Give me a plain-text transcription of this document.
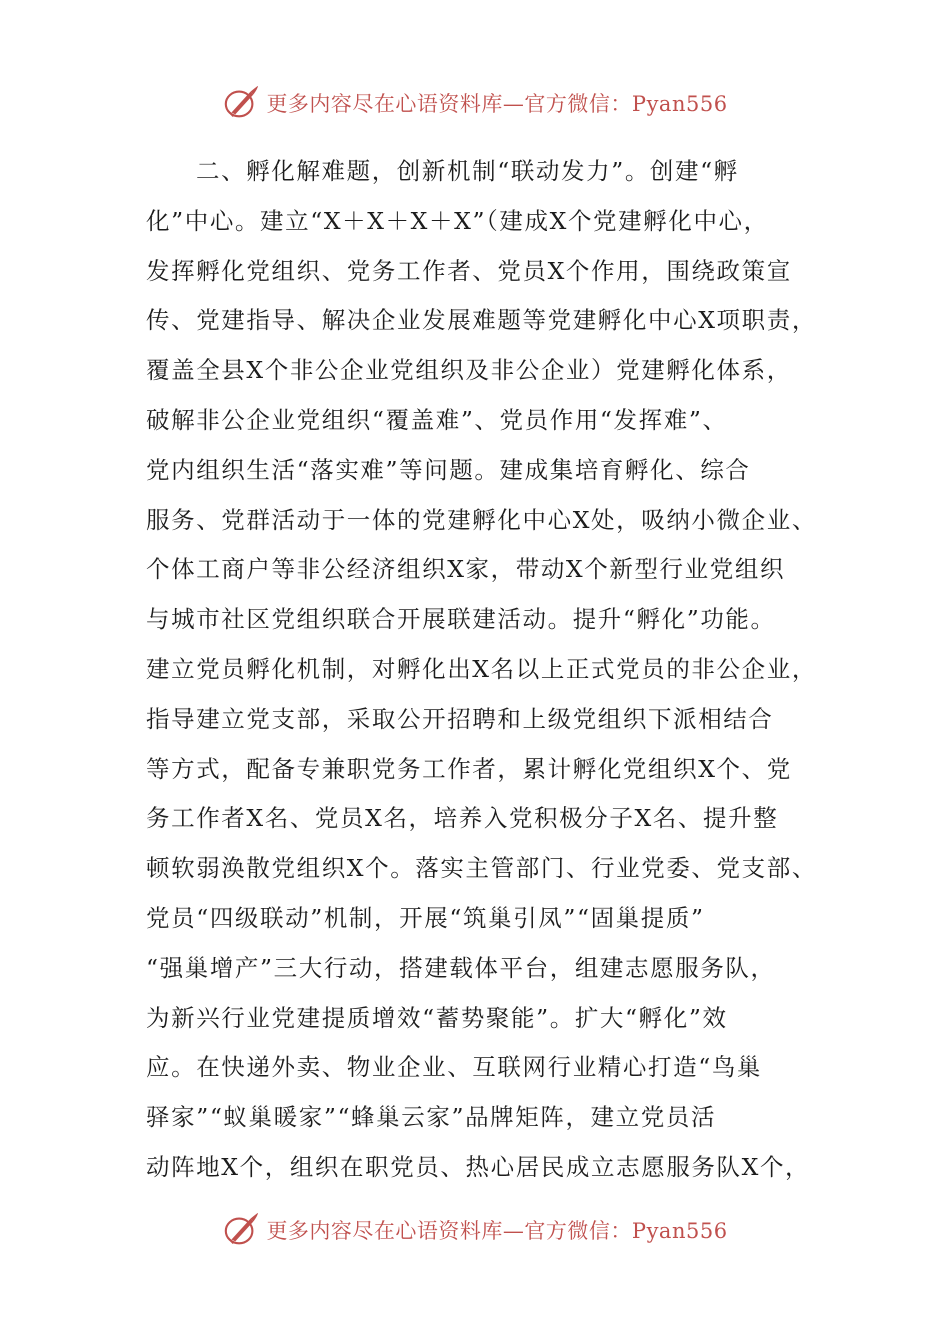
更多内容尽在心语资料库—官方微信：Pyan556
二、孵化解难题，创新机制“联动发力”。创建“孵
化”中心。建立“X＋X＋X＋X”（建成X个党建孵化中心，
发挥孵化党组织、党务工作者、党员X个作用，围绕政策宣
传、党建指导、解决企业发展难题等党建孵化中心X项职责，
覆盖全县X个非公企业党组织及非公企业）党建孵化体系，
破解非公企业党组织“覆盖难”、党员作用“发挥难”、
党内组织生活“落实难”等问题。建成集培育孵化、综合
服务、党群活动于一体的党建孵化中心X处，吸纳小微企业、
个体工商户等非公经济组织X家，带动X个新型行业党组织
与城市社区党组织联合开展联建活动。提升“孵化”功能。
建立党员孵化机制，对孵化出X名以上正式党员的非公企业，
指导建立党支部，采取公开招聘和上级党组织下派相结合
等方式，配备专兼职党务工作者，累计孵化党组织X个、党
务工作者X名、党员X名，培养入党积极分子X名、提升整
顿软弱涣散党组织X个。落实主管部门、行业党委、党支部、
党员“四级联动”机制，开展“筑巢引凤”“固巢提质”
“强巢增产”三大行动，搭建载体平台，组建志愿服务队，
为新兴行业党建提质增效“蓄势聚能”。扩大“孵化”效
应。在快递外卖、物业企业、互联网行业精心打造“鸟巢
驿家”“蚁巢暖家”“蜂巢云家”品牌矩阵，建立党员活
动阵地X个，组织在职党员、热心居民成立志愿服务队X个，
更多内容尽在心语资料库—官方微信：Pyan556
